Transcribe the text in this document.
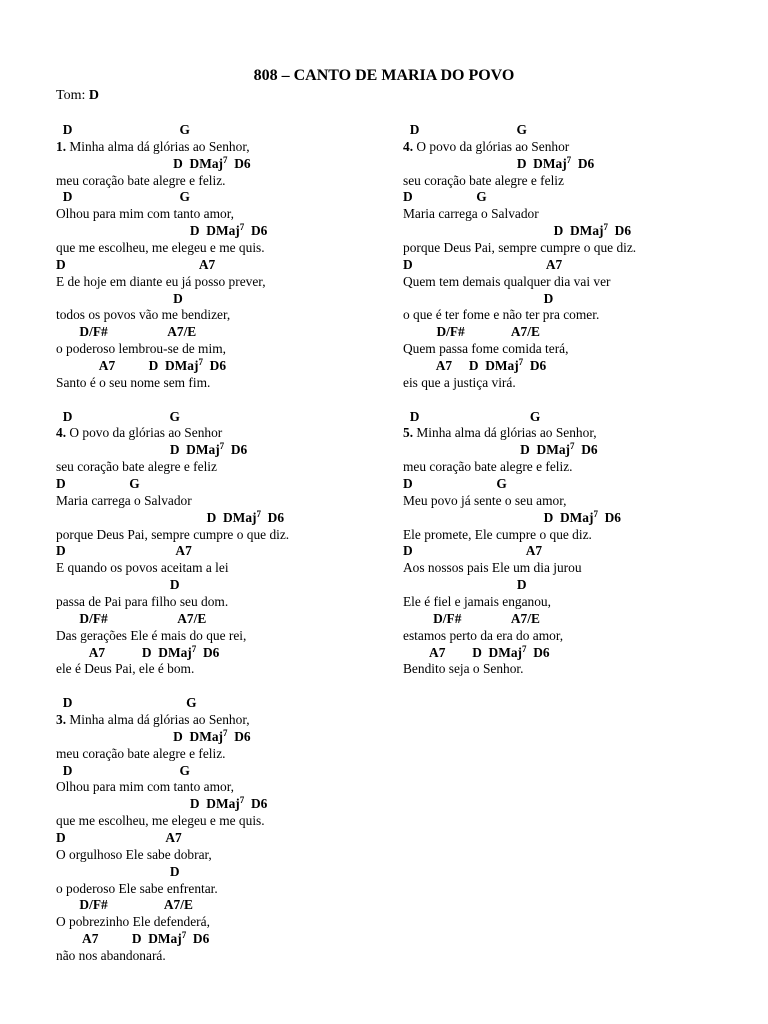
808 – CANTO DE MARIA DO POVO
Tom: D
D                                G
1. Minha alma dá glórias ao Senhor,
D  DMaj$^7$  D6
meu coração bate alegre e feliz.
D                                G
Olhou para mim com tanto amor,
D  DMaj$^7$  D6
que me escolheu, me elegeu e me quis.
D                                        A7
E de hoje em diante eu já posso prever,
D
todos os povos vão me bendizer,
D/F#                  A7/E
o poderoso lembrou-se de mim,
A7          D  DMaj$^7$  D6
Santo é o seu nome sem fim.
D                             G
4. O povo da glórias ao Senhor
D  DMaj$^7$  D6
seu coração bate alegre e feliz
D                   G
Maria carrega o Salvador
D  DMaj$^7$  D6
porque Deus Pai, sempre cumpre o que diz.
D                                 A7
E quando os povos aceitam a lei
D
passa de Pai para filho seu dom.
D/F#                     A7/E
Das gerações Ele é mais do que rei,
A7           D  DMaj$^7$  D6
ele é Deus Pai, ele é bom.
D                                  G
3. Minha alma dá glórias ao Senhor,
D  DMaj$^7$  D6
meu coração bate alegre e feliz.
D                                G
Olhou para mim com tanto amor,
D  DMaj$^7$  D6
que me escolheu, me elegeu e me quis.
D                              A7
O orgulhoso Ele sabe dobrar,
D
o poderoso Ele sabe enfrentar.
D/F#                 A7/E
O pobrezinho Ele defenderá,
A7          D  DMaj$^7$  D6
não nos abandonará.
D                             G
4. O povo da glórias ao Senhor
D  DMaj$^7$  D6
seu coração bate alegre e feliz
D                   G
Maria carrega o Salvador
D  DMaj$^7$  D6
porque Deus Pai, sempre cumpre o que diz.
D                                        A7
Quem tem demais qualquer dia vai ver
D
o que é ter fome e não ter pra comer.
D/F#              A7/E
Quem passa fome comida terá,
A7     D  DMaj$^7$  D6
eis que a justiça virá.
D                                 G
5. Minha alma dá glórias ao Senhor,
D  DMaj$^7$  D6
meu coração bate alegre e feliz.
D                         G
Meu povo já sente o seu amor,
D  DMaj$^7$  D6
Ele promete, Ele cumpre o que diz.
D                                  A7
Aos nossos pais Ele um dia jurou
D
Ele é fiel e jamais enganou,
D/F#               A7/E
estamos perto da era do amor,
A7        D  DMaj$^7$  D6
Bendito seja o Senhor.
